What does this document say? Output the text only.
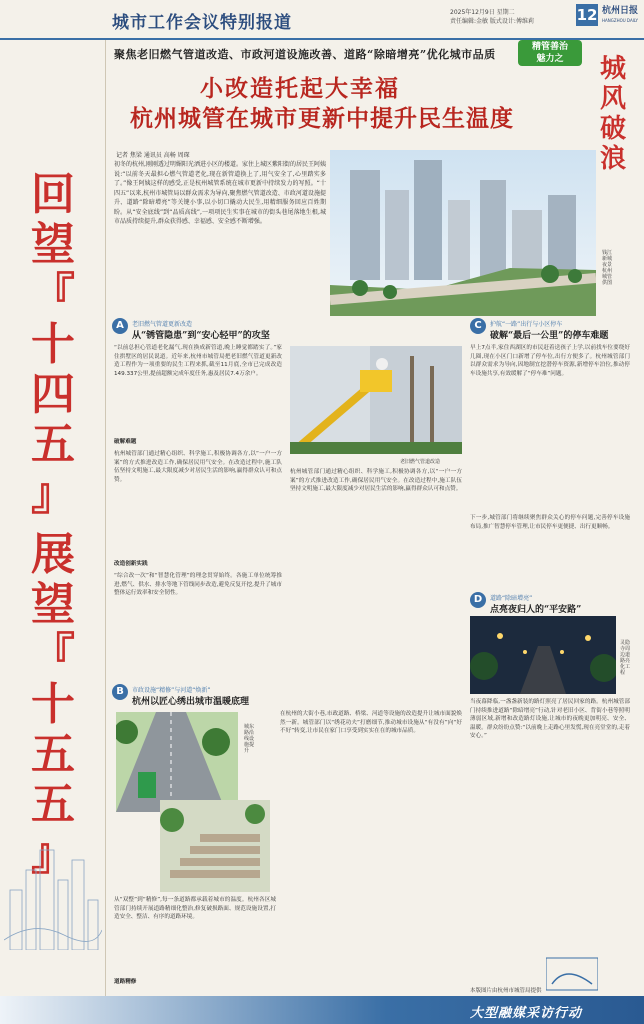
城市工作会议特别报道
2025年12月9日 星期二
责任编辑:金敏 版式设计:傅维莉	12 杭州日报
HANGZHOU DAILY
回
望
『
十
四
五
』
展
望
『
十
五
五
』
聚焦老旧燃气管道改造、市政河道设施改善、道路“除暗增亮”优化城市品质
精管善治
魅力之
小改造托起大幸福
杭州城管在城市更新中提升民生温度
城
风
破
浪
记者 焦梁 通讯员 高畅 周琛
初冬的杭州,刚刚透过明媚阳光洒进小区的楼道。家住上城区紫阳街的居民王阿姨说:“以前冬天最担心燃气管道老化,现在新管道换上了,用气安全了,心里踏实多了。”像王阿姨这样的感受,正是杭州城管系统在城市更新中持续发力的写照。“十四五”以来,杭州市城管局以群众需求为导向,聚焦燃气管道改造、市政河道设施提升、道路“除暗增亮”等关键小事,以小切口撬动大民生,用精细服务回应百姓期盼。从“安全底线”到“品质高线”,一项项民生实事在城市的街头巷尾落地生根,城市品质持续提升,群众获得感、幸福感、安全感不断增强。
钱江新城夜景 杭州城管供图
A	老旧燃气管道更新改造
从“锈管隐患”到“安心轻甲”的攻坚
“以前总担心管道老化漏气,现在换成新管道,晚上睡觉都踏实了。”家住拱墅区的居民说道。近年来,杭州市城管局把老旧燃气管道更新改造工程作为一项重要的民生工程来抓,截至11月底,全市已完成改造149.337公里,提前超额完成年度任务,惠及居民7.4万余户。
破解难题
杭州城管部门通过精心组织、科学施工,积极协调各方,以“一户一方案”的方式推进改造工作,确保居民用气安全。在改造过程中,施工队伍坚持文明施工,最大限度减少对居民生活的影响,赢得群众认可和点赞。
改造创新实践
“综合改一次”和“智慧化管理”的理念贯穿始终。各施工单位统筹推进,燃气、供水、排水等地下管线同步改造,避免反复开挖,提升了城市整体运行效率和安全韧性。
老旧燃气管道改造
杭州城管部门通过精心组织、科学施工,积极协调各方,以“一户一方案”的方式推进改造工作,确保居民用气安全。在改造过程中,施工队伍坚持文明施工,最大限度减少对居民生活的影响,赢得群众认可和点赞。
B	市政设施“精修”与河道“焕新”
杭州以匠心绣出城市温暖底理
城东路沿线设施提升
从“双整”到“精修”,每一条道路都承载着城市的温度。杭州各区城管部门持续开展道路精细化整治,修复破损路面、规范设施设置,打造安全、整洁、有序的道路环境。
道路精修
在杭州的大街小巷,市政道路、桥梁、河道等设施的改造提升让城市面貌焕然一新。城管部门以“绣花功夫”打磨细节,推动城市设施从“有没有”向“好不好”转变,让市民在家门口享受到实实在在的城市品质。
C	护航“一路”出行与小区停车
破解“最后一公里”的停车难题
早上7点半,家住西湖区的市民赶着送孩子上学,以前找车位要绕好几圈,现在小区门口新增了停车位,出行方便多了。杭州城管部门以群众需求为导向,因地制宜挖潜停车资源,新增停车泊位,推动停车设施共享,有效缓解了“停车难”问题。
下一步,城管部门将继续聚焦群众关心的停车问题,完善停车设施布局,推广智慧停车管理,让市民停车更便捷、出行更顺畅。
D	道路“除暗增亮”
点亮夜归人的“平安路”
灵隐寺周边道路亮化工程
当夜幕降临,一盏盏新装的路灯照亮了居民回家的路。杭州城管部门持续推进道路“除暗增亮”行动,针对老旧小区、背街小巷等照明薄弱区域,新增和改造路灯设施,让城市的夜晚更加明亮、安全、温暖。群众纷纷点赞:“以前晚上走路心里发慌,现在亮堂堂的,走着安心。”
本版图片由杭州市城管局提供
大型融媒采访行动
